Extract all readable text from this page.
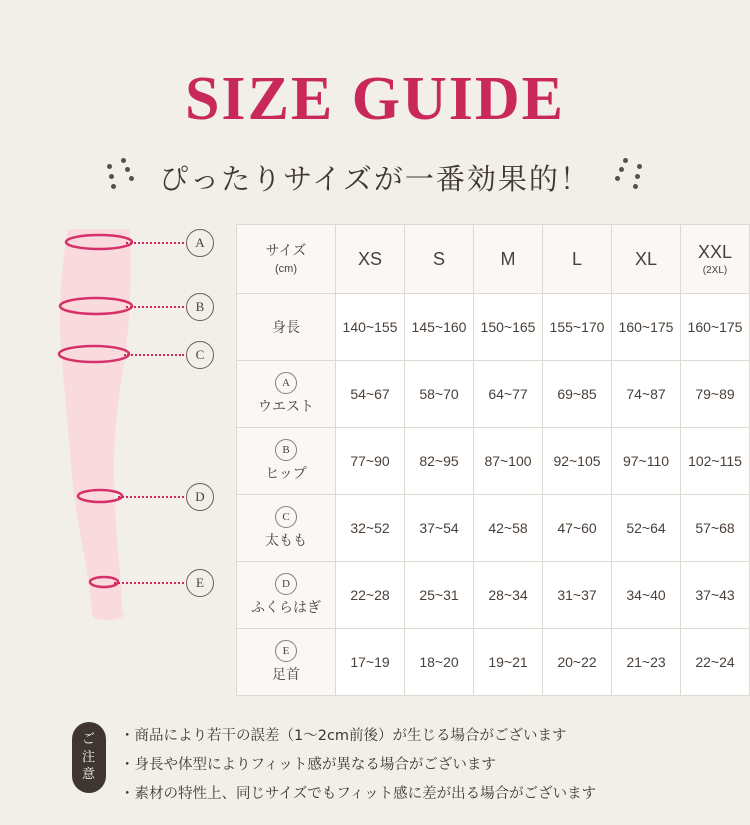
SIZE GUIDE
ぴったりサイズが一番効果的！
A
B
C
D
E
サイズ
(cm)	XS	S	M	L	XL	XXL
(2XL)

身長	140~155	145~160	150~165	155~170	160~175	160~175
A
ウエスト	54~67	58~70	64~77	69~85	74~87	79~89
B
ヒップ	77~90	82~95	87~100	92~105	97~110	102~115
C
太もも	32~52	37~54	42~58	47~60	52~64	57~68
D
ふくらはぎ	22~28	25~31	28~34	31~37	34~40	37~43
E
足首	17~19	18~20	19~21	20~22	21~23	22~24
ご
注
意
・商品により若干の誤差（1〜2cm前後）が生じる場合がございます
・身長や体型によりフィット感が異なる場合がございます
・素材の特性上、同じサイズでもフィット感に差が出る場合がございます
